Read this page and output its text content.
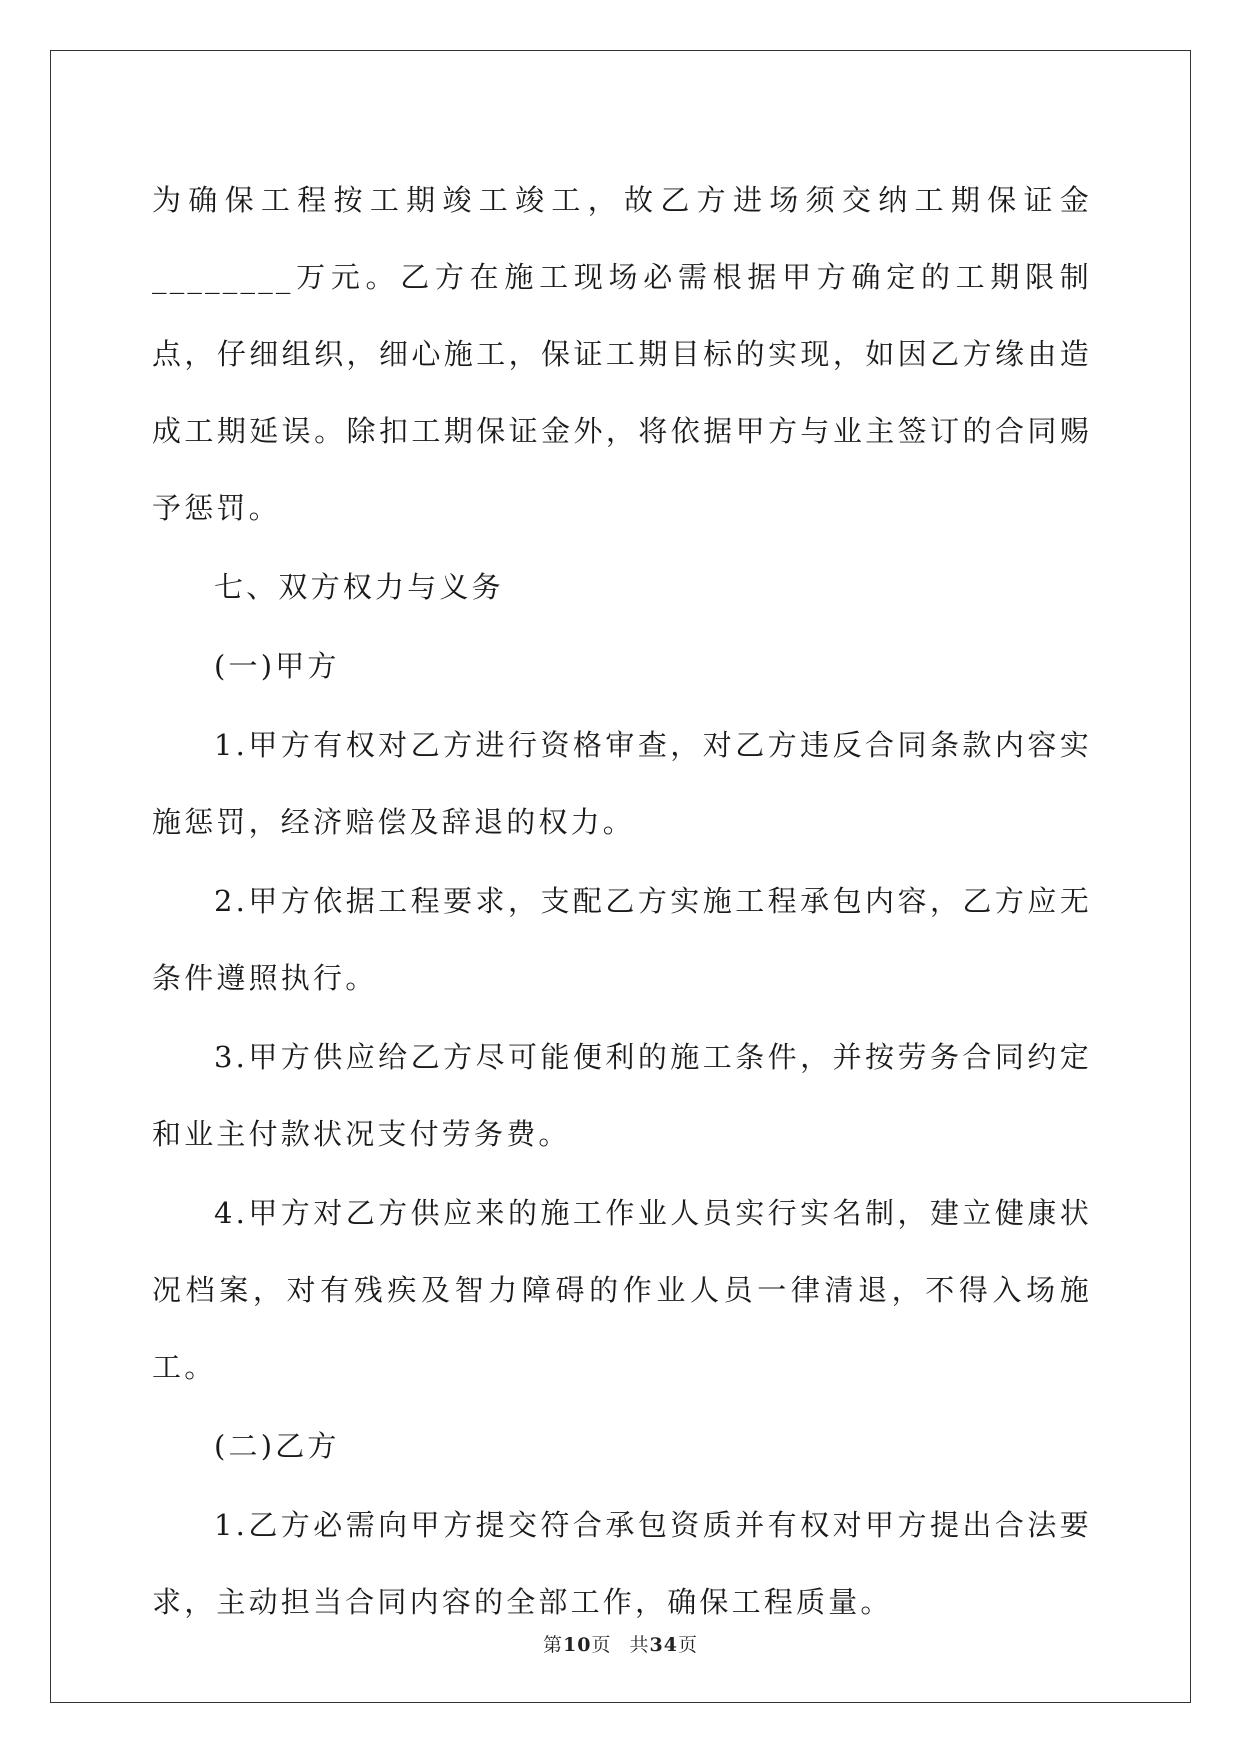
为确保工程按工期竣工竣工，故乙方进场须交纳工期保证金________万元。乙方在施工现场必需根据甲方确定的工期限制点，仔细组织，细心施工，保证工期目标的实现，如因乙方缘由造成工期延误。除扣工期保证金外，将依据甲方与业主签订的合同赐予惩罚。

七、双方权力与义务

(一)甲方

1.甲方有权对乙方进行资格审查，对乙方违反合同条款内容实施惩罚，经济赔偿及辞退的权力。

2.甲方依据工程要求，支配乙方实施工程承包内容，乙方应无条件遵照执行。

3.甲方供应给乙方尽可能便利的施工条件，并按劳务合同约定和业主付款状况支付劳务费。

4.甲方对乙方供应来的施工作业人员实行实名制，建立健康状况档案，对有残疾及智力障碍的作业人员一律清退，不得入场施工。

(二)乙方

1.乙方必需向甲方提交符合承包资质并有权对甲方提出合法要求，主动担当合同内容的全部工作，确保工程质量。

第10页 共34页
